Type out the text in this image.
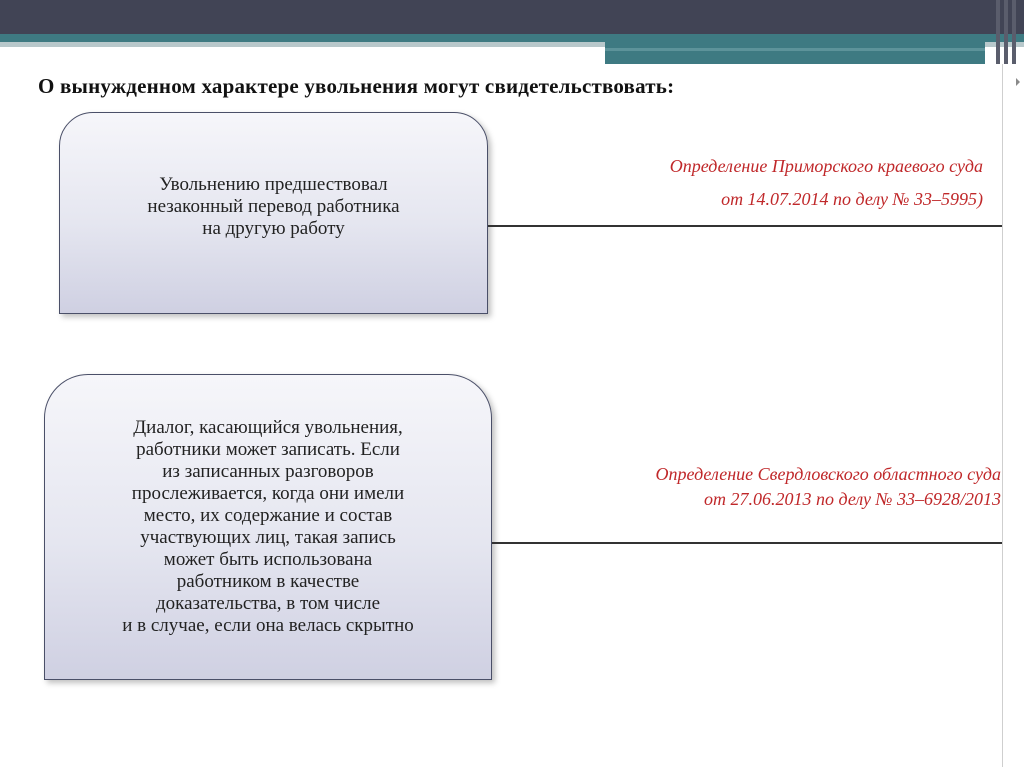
О вынужденном характере увольнения могут свидетельствовать:

Увольнению предшествовал
незаконный перевод работника
на другую работу

Определение Приморского краевого суда
от 14.07.2014 по делу № 33–5995)

Диалог, касающийся увольнения,
работники может записать. Если
из записанных разговоров
прослеживается, когда они имели
место, их содержание и состав
участвующих лиц, такая запись
может быть использована
работником в качестве
доказательства, в том числе
и в случае, если она велась скрытно

Определение Свердловского областного суда
от 27.06.2013 по делу № 33–6928/2013
